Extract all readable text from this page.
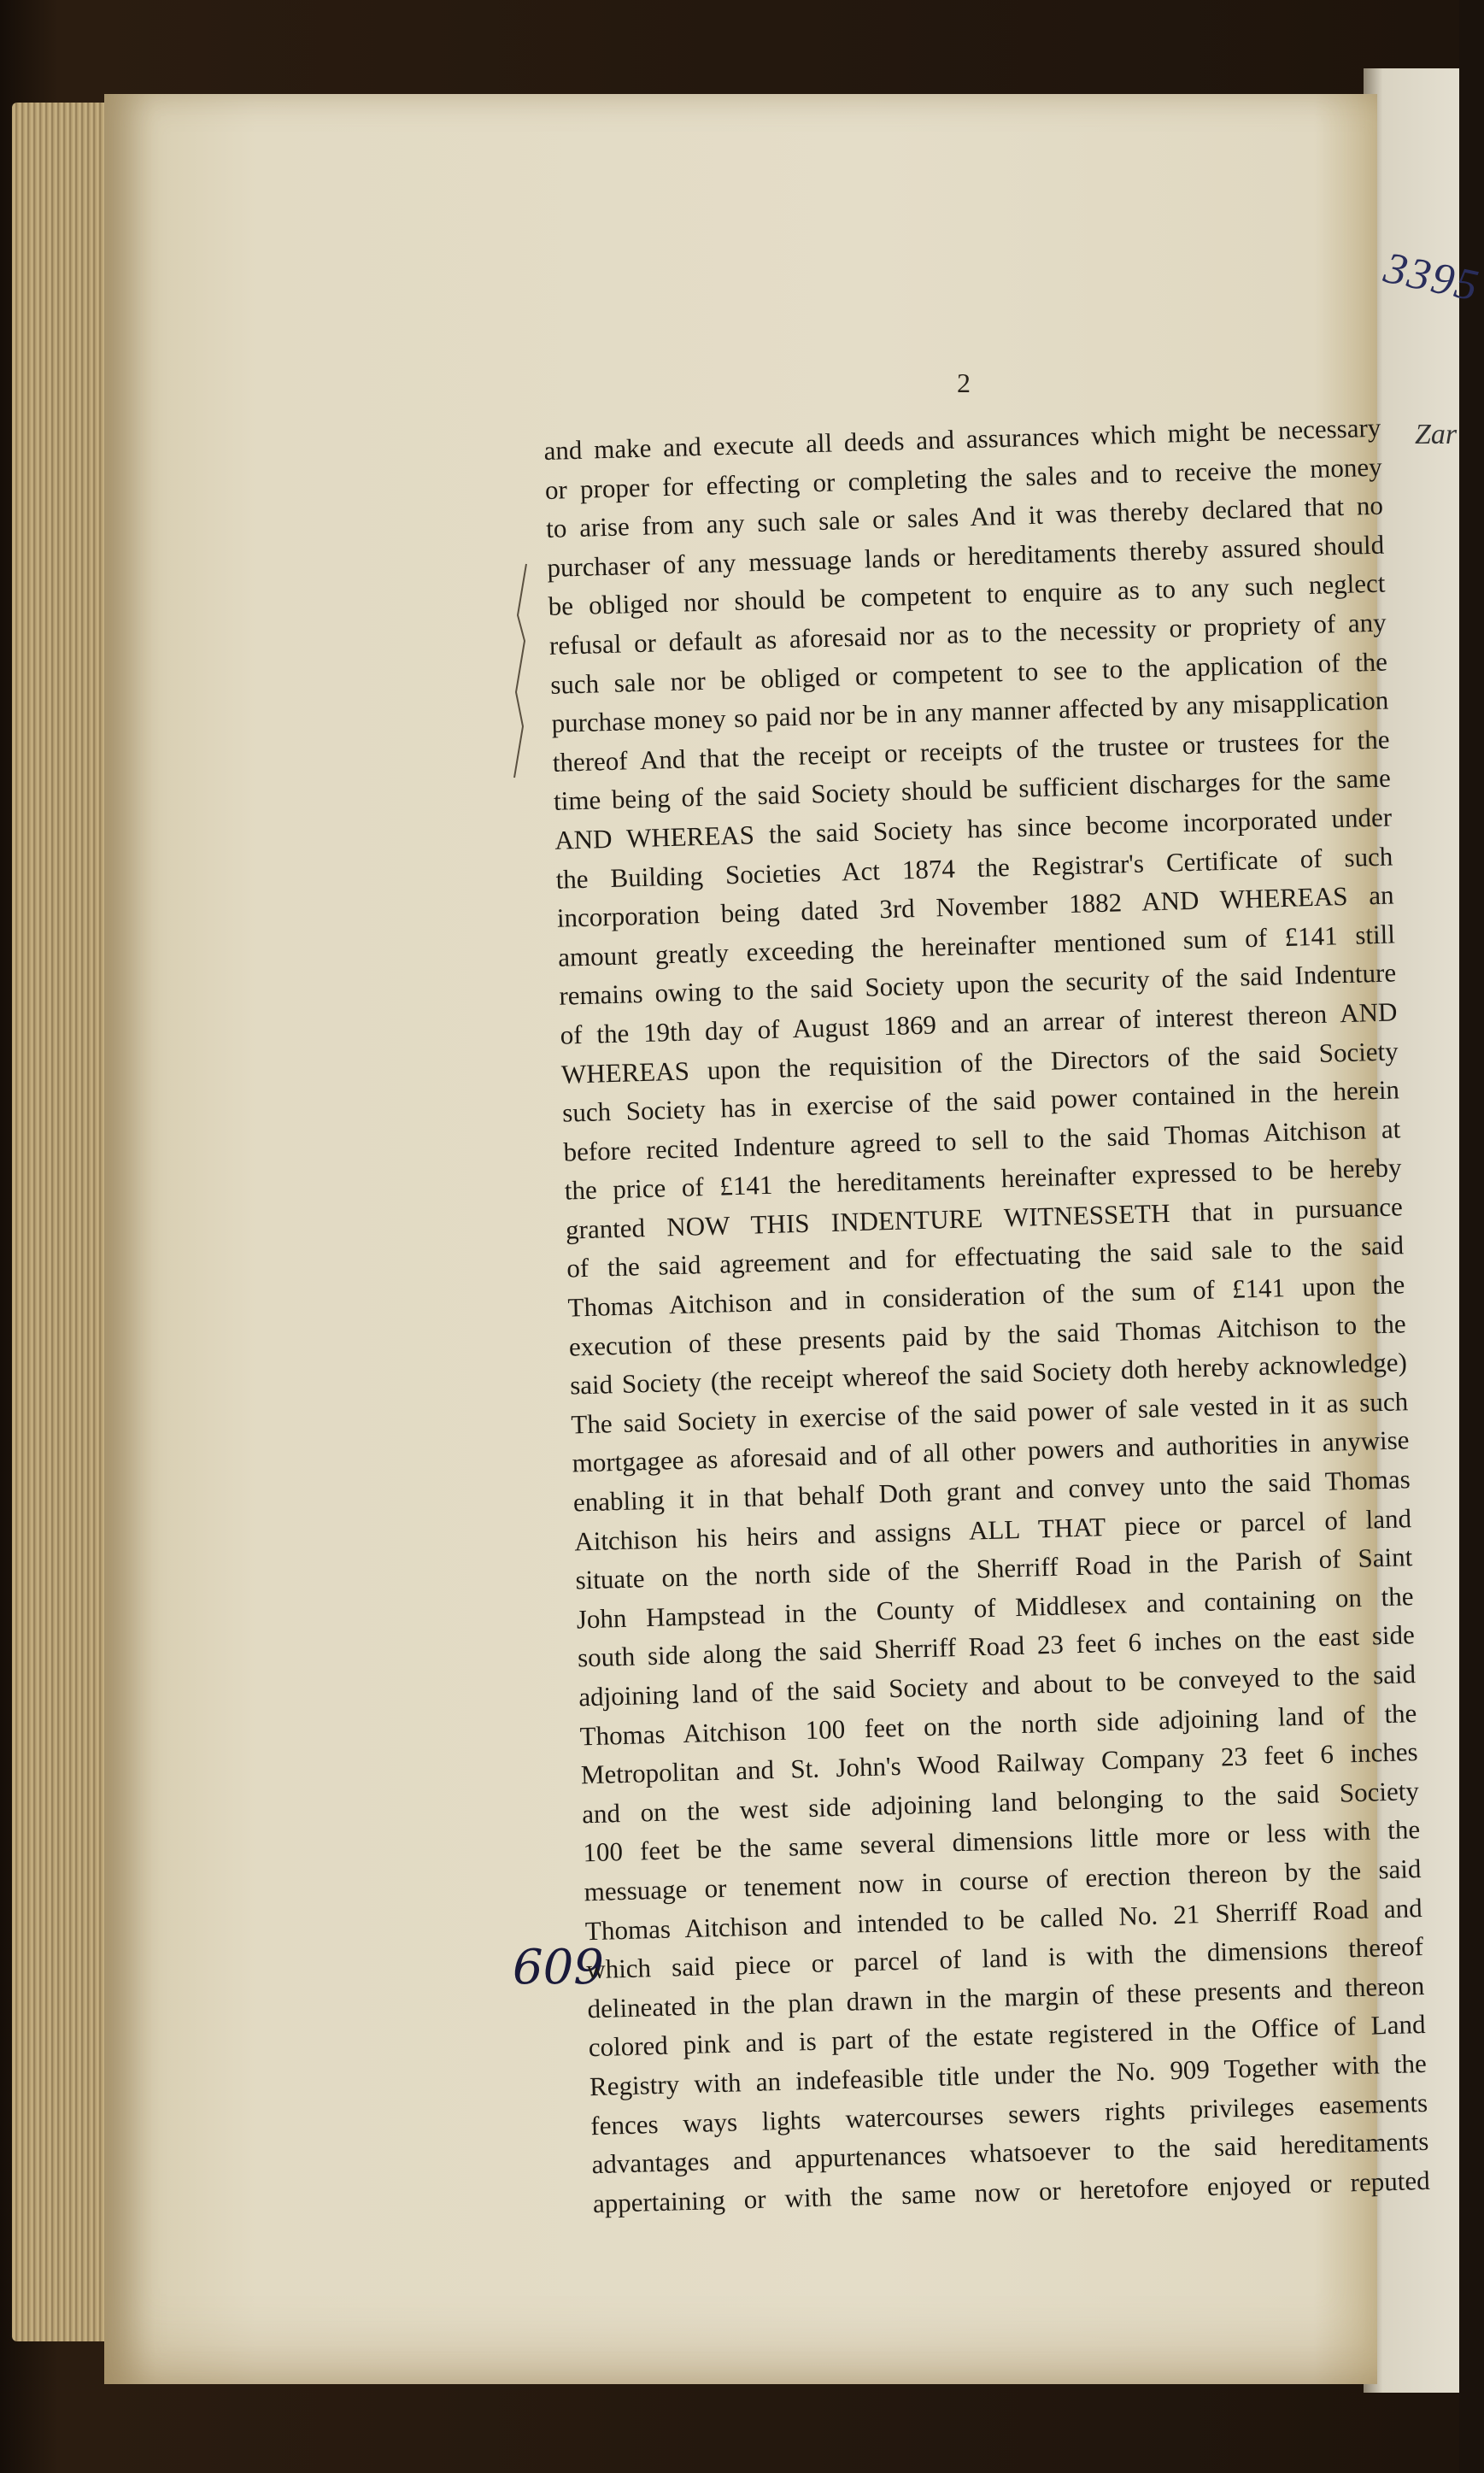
3395
Zar
2
609
and make and execute all deeds and assurances which might be necessary
or proper for effecting or completing the sales and to receive the money
to arise from any such sale or sales And it was thereby declared that no
purchaser of any messuage lands or hereditaments thereby assured should
be obliged nor should be competent to enquire as to any such neglect
refusal or default as aforesaid nor as to the necessity or propriety of any
such sale nor be obliged or competent to see to the application of the
purchase money so paid nor be in any manner affected by any misapplication
thereof And that the receipt or receipts of the trustee or trustees for the
time being of the said Society should be sufficient discharges for the same
AND WHEREAS the said Society has since become incorporated under
the Building Societies Act 1874 the Registrar's Certificate of such
incorporation being dated 3rd November 1882 AND WHEREAS an
amount greatly exceeding the hereinafter mentioned sum of £141 still
remains owing to the said Society upon the security of the said Indenture
of the 19th day of August 1869 and an arrear of interest thereon AND
WHEREAS upon the requisition of the Directors of the said Society
such Society has in exercise of the said power contained in the herein
before recited Indenture agreed to sell to the said Thomas Aitchison at
the price of £141 the hereditaments hereinafter expressed to be hereby
granted NOW THIS INDENTURE WITNESSETH that in pursuance
of the said agreement and for effectuating the said sale to the said
Thomas Aitchison and in consideration of the sum of £141 upon the
execution of these presents paid by the said Thomas Aitchison to the
said Society (the receipt whereof the said Society doth hereby acknowledge)
The said Society in exercise of the said power of sale vested in it as such
mortgagee as aforesaid and of all other powers and authorities in anywise
enabling it in that behalf Doth grant and convey unto the said Thomas
Aitchison his heirs and assigns ALL THAT piece or parcel of land
situate on the north side of the Sherriff Road in the Parish of Saint
John Hampstead in the County of Middlesex and containing on the
south side along the said Sherriff Road 23 feet 6 inches on the east side
adjoining land of the said Society and about to be conveyed to the said
Thomas Aitchison 100 feet on the north side adjoining land of the
Metropolitan and St. John's Wood Railway Company 23 feet 6 inches
and on the west side adjoining land belonging to the said Society
100 feet be the same several dimensions little more or less with the
messuage or tenement now in course of erection thereon by the said
Thomas Aitchison and intended to be called No. 21 Sherriff Road and
which said piece or parcel of land is with the dimensions thereof
delineated in the plan drawn in the margin of these presents and thereon
colored pink and is part of the estate registered in the Office of Land
Registry with an indefeasible title under the No. 909 Together with the
fences ways lights watercourses sewers rights privileges easements
advantages and appurtenances whatsoever to the said hereditaments
appertaining or with the same now or heretofore enjoyed or reputed
